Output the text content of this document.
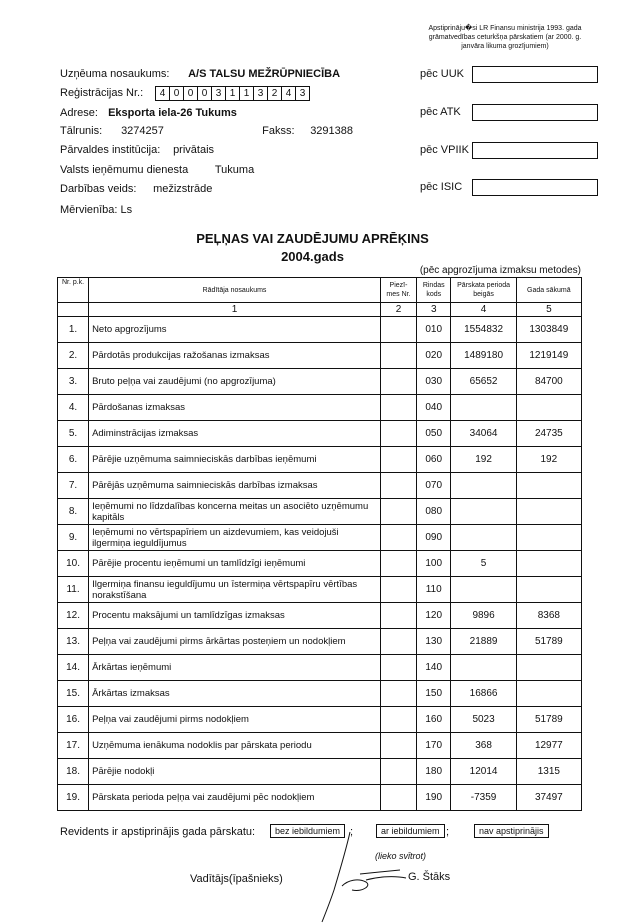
Apstiprināju�si LR Finansu ministrija 1993. gada
grāmatvedības ceturkšņa pārskatiem (ar 2000. g.
janvāra likuma grozījumiem)
Uzņēuma nosaukums: A/S TALSU MEŽRŪPNIECĪBA
Reģistrācijas Nr.:	4 0 0 0 3 1 1 3 2 4 3
Adrese: Eksporta iela-26 Tukums
Tālrunis: 3274257	Fakss: 3291388
Pārvaldes institūcija: privātais
Valsts ieņēmumu dienesta Tukuma
Darbības veids: mežizstrāde
Mērvienība: Ls
pēc UUK
pēc ATK
pēc VPIIK
pēc ISIC
PEĻŅAS VAI ZAUDĒJUMU APRĒĶINS
2004.gads
(pēc apgrozījuma izmaksu metodes)
Nr. p.k.	Rādītāja nosaukums	Piezī-mes Nr.	Rindas kods	Pārskata perioda beigās	Gada sākumā
	1	2	3	4	5
1.	Neto apgrozījums		010	1554832	1303849
2.	Pārdotās produkcijas ražošanas izmaksas		020	1489180	1219149
3.	Bruto peļņa vai zaudējumi (no apgrozījuma)		030	65652	84700
4.	Pārdošanas izmaksas		040		
5.	Adiminstrācijas izmaksas		050	34064	24735
6.	Pārējie uzņēmuma saimnieciskās darbības ieņēmumi		060	192	192
7.	Pārējās uzņēmuma saimnieciskās darbības izmaksas		070		
8.	Ieņēmumi no līdzdalības koncerna meitas un asociēto uzņēmumu kapitāls		080		
9.	Ieņēmumi no vērtspapīriem un aizdevumiem, kas veidojuši ilgermiņa ieguldījumus		090		
10.	Pārējie procentu ieņēmumi un tamlīdzīgi ieņēmumi		100	5	
11.	Ilgermiņa finansu ieguldījumu un īstermiņa vērtspapīru vērtības norakstīšana		110		
12.	Procentu maksājumi un tamlīdzīgas izmaksas		120	9896	8368
13.	Peļņa vai zaudējumi pirms ārkārtas posteņiem un nodokļiem		130	21889	51789
14.	Ārkārtas ieņēmumi		140		
15.	Ārkārtas izmaksas		150	16866	
16.	Peļņa vai zaudējumi pirms nodokļiem		160	5023	51789
17.	Uzņēmuma ienākuma nodoklis par pārskata periodu		170	368	12977
18.	Pārējie nodokļi		180	12014	1315
19.	Pārskata perioda peļņa vai zaudējumi pēc nodokļiem		190	-7359	37497
Revidents ir apstiprinājis gada pārskatu:	bez iebildumiem ;	ar iebildumiem ;	nav apstiprinājis
(lieko svītrot)
Vadītājs(īpašnieks)	G. Štāks
